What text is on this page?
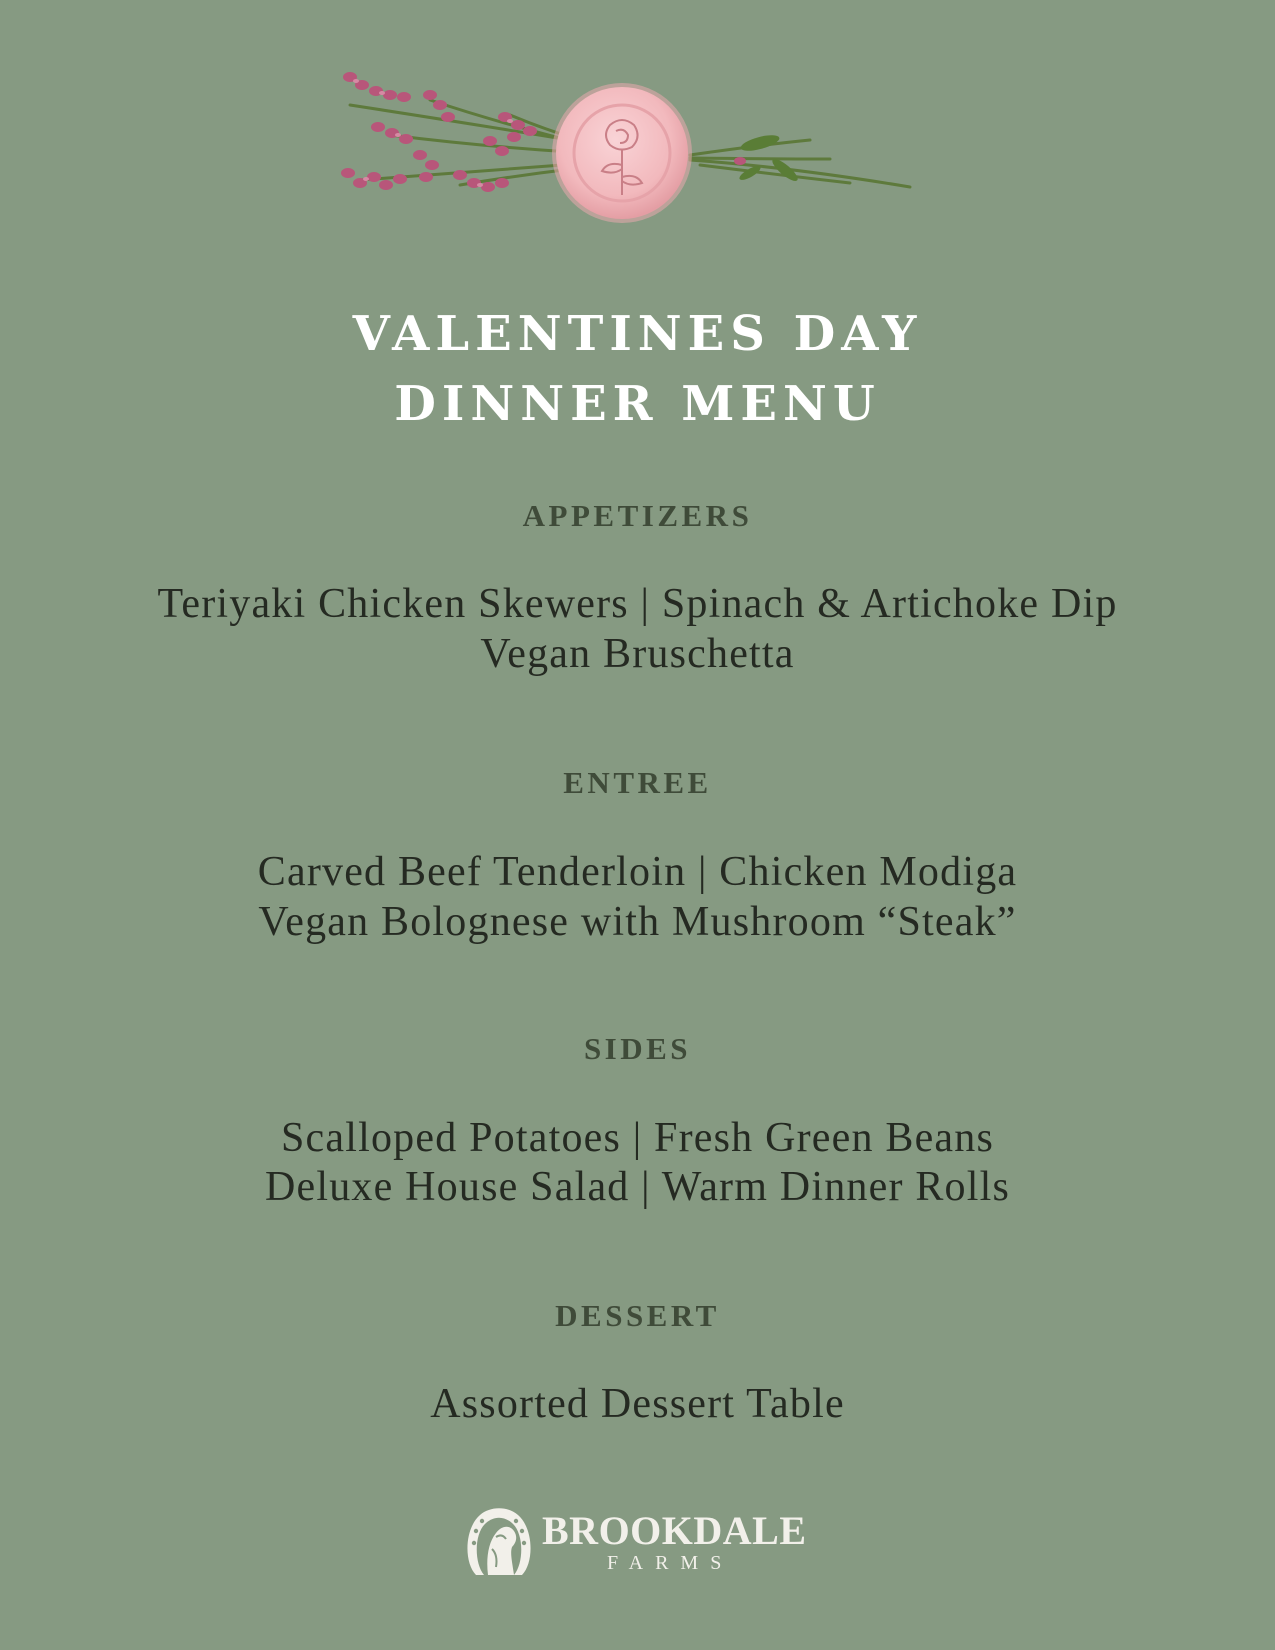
VALENTINES DAY
DINNER MENU
APPETIZERS

Teriyaki Chicken Skewers | Spinach & Artichoke Dip

Vegan Bruschetta

ENTREE

Carved Beef Tenderloin | Chicken Modiga

Vegan Bolognese with Mushroom “Steak”

SIDES

Scalloped Potatoes | Fresh Green Beans

Deluxe House Salad | Warm Dinner Rolls

DESSERT

Assorted Dessert Table

BROOKDALE

FARMS
